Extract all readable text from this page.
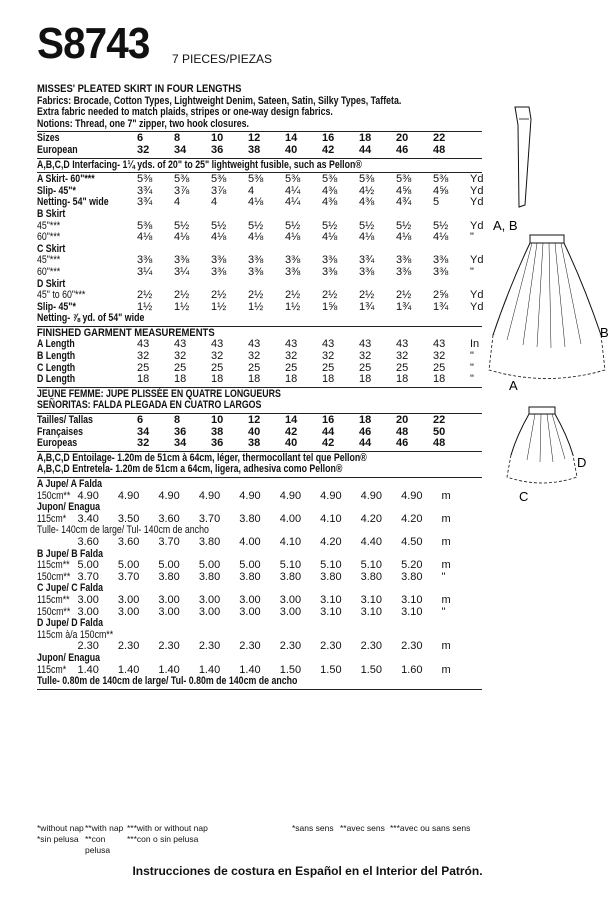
S8743 7 PIECES/PIEZAS
MISSES' PLEATED SKIRT IN FOUR LENGTHS
Fabrics: Brocade, Cotton Types, Lightweight Denim, Sateen, Satin, Silky Types, Taffeta.
Extra fabric needed to match plaids, stripes or one-way design fabrics.
Notions: Thread, one 7" zipper, two hook closures.
Sizes	6	8	10	12	14	16	18	20	22	
European	32	34	36	38	40	42	44	46	48	
A,B,C,D Interfacing- 1¼ yds. of 20" to 25" lightweight fusible, such as Pellon®
A Skirt- 60"***	5⅜	5⅜	5⅜	5⅜	5⅜	5⅜	5⅜	5⅜	5⅜	Yd
Slip- 45"*	3¾	3⅞	3⅞	4	4¼	4⅜	4½	4⅝	4⅝	Yd
Netting- 54" wide	3¾	4	4	4⅛	4¼	4⅜	4⅜	4¾	5	Yd
B Skirt										
45"***	5⅜	5½	5½	5½	5½	5½	5½	5½	5½	Yd
60"***	4⅛	4⅛	4⅛	4⅛	4⅛	4⅛	4⅛	4⅛	4⅛	"
C Skirt										
45"***	3⅜	3⅜	3⅜	3⅜	3⅜	3⅜	3¾	3⅜	3⅜	Yd
60"***	3¼	3¼	3⅜	3⅜	3⅜	3⅜	3⅜	3⅜	3⅜	"
D Skirt										
45" to 60"***	2½	2½	2½	2½	2½	2½	2½	2½	2⅝	Yd
Slip- 45"*	1½	1½	1½	1½	1½	1⅝	1¾	1¾	1¾	Yd
Netting- ⅞ yd. of 54" wide
FINISHED GARMENT MEASUREMENTS
A Length	43	43	43	43	43	43	43	43	43	In
B Length	32	32	32	32	32	32	32	32	32	"
C Length	25	25	25	25	25	25	25	25	25	"
D Length	18	18	18	18	18	18	18	18	18	"
JEUNE FEMME: JUPE PLISSÉE EN QUATRE LONGUEURS
SEÑORITAS: FALDA PLEGADA EN CUATRO LARGOS
Tailles/ Tallas	6	8	10	12	14	16	18	20	22	
Françaises	34	36	38	40	42	44	46	48	50	
Europeas	32	34	36	38	40	42	44	46	48	
A,B,C,D Entoilage- 1.20m de 51cm à 64cm, léger, thermocollant tel que Pellon®
A,B,C,D Entretela- 1.20m de 51cm a 64cm, ligera, adhesiva como Pellon®
A Jupe/ A Falda										
150cm**	4.90	4.90	4.90	4.90	4.90	4.90	4.90	4.90	4.90	m
Jupon/ Enagua										
115cm*	3.40	3.50	3.60	3.70	3.80	4.00	4.10	4.20	4.20	m
Tulle- 140cm de large/ Tul- 140cm de ancho										
	3.60	3.60	3.70	3.80	4.00	4.10	4.20	4.40	4.50	m
B Jupe/ B Falda										
115cm**	5.00	5.00	5.00	5.00	5.00	5.10	5.10	5.10	5.20	m
150cm**	3.70	3.70	3.80	3.80	3.80	3.80	3.80	3.80	3.80	"
C Jupe/ C Falda										
115cm**	3.00	3.00	3.00	3.00	3.00	3.00	3.10	3.10	3.10	m
150cm**	3.00	3.00	3.00	3.00	3.00	3.00	3.10	3.10	3.10	"
D Jupe/ D Falda										
115cm à/a 150cm**										
	2.30	2.30	2.30	2.30	2.30	2.30	2.30	2.30	2.30	m
Jupon/ Enagua										
115cm*	1.40	1.40	1.40	1.40	1.40	1.50	1.50	1.50	1.60	m
Tulle- 0.80m de 140cm de large/ Tul- 0.80m de 140cm de ancho
*without nap **with nap ***with or without nap	*sans sens **avec sens ***avec ou sans sens
*sin pelusa **con pelusa
***con o sin pelusa
Instrucciones de costura en Español en el Interior del Patrón.
A, B
B
A
D
C
